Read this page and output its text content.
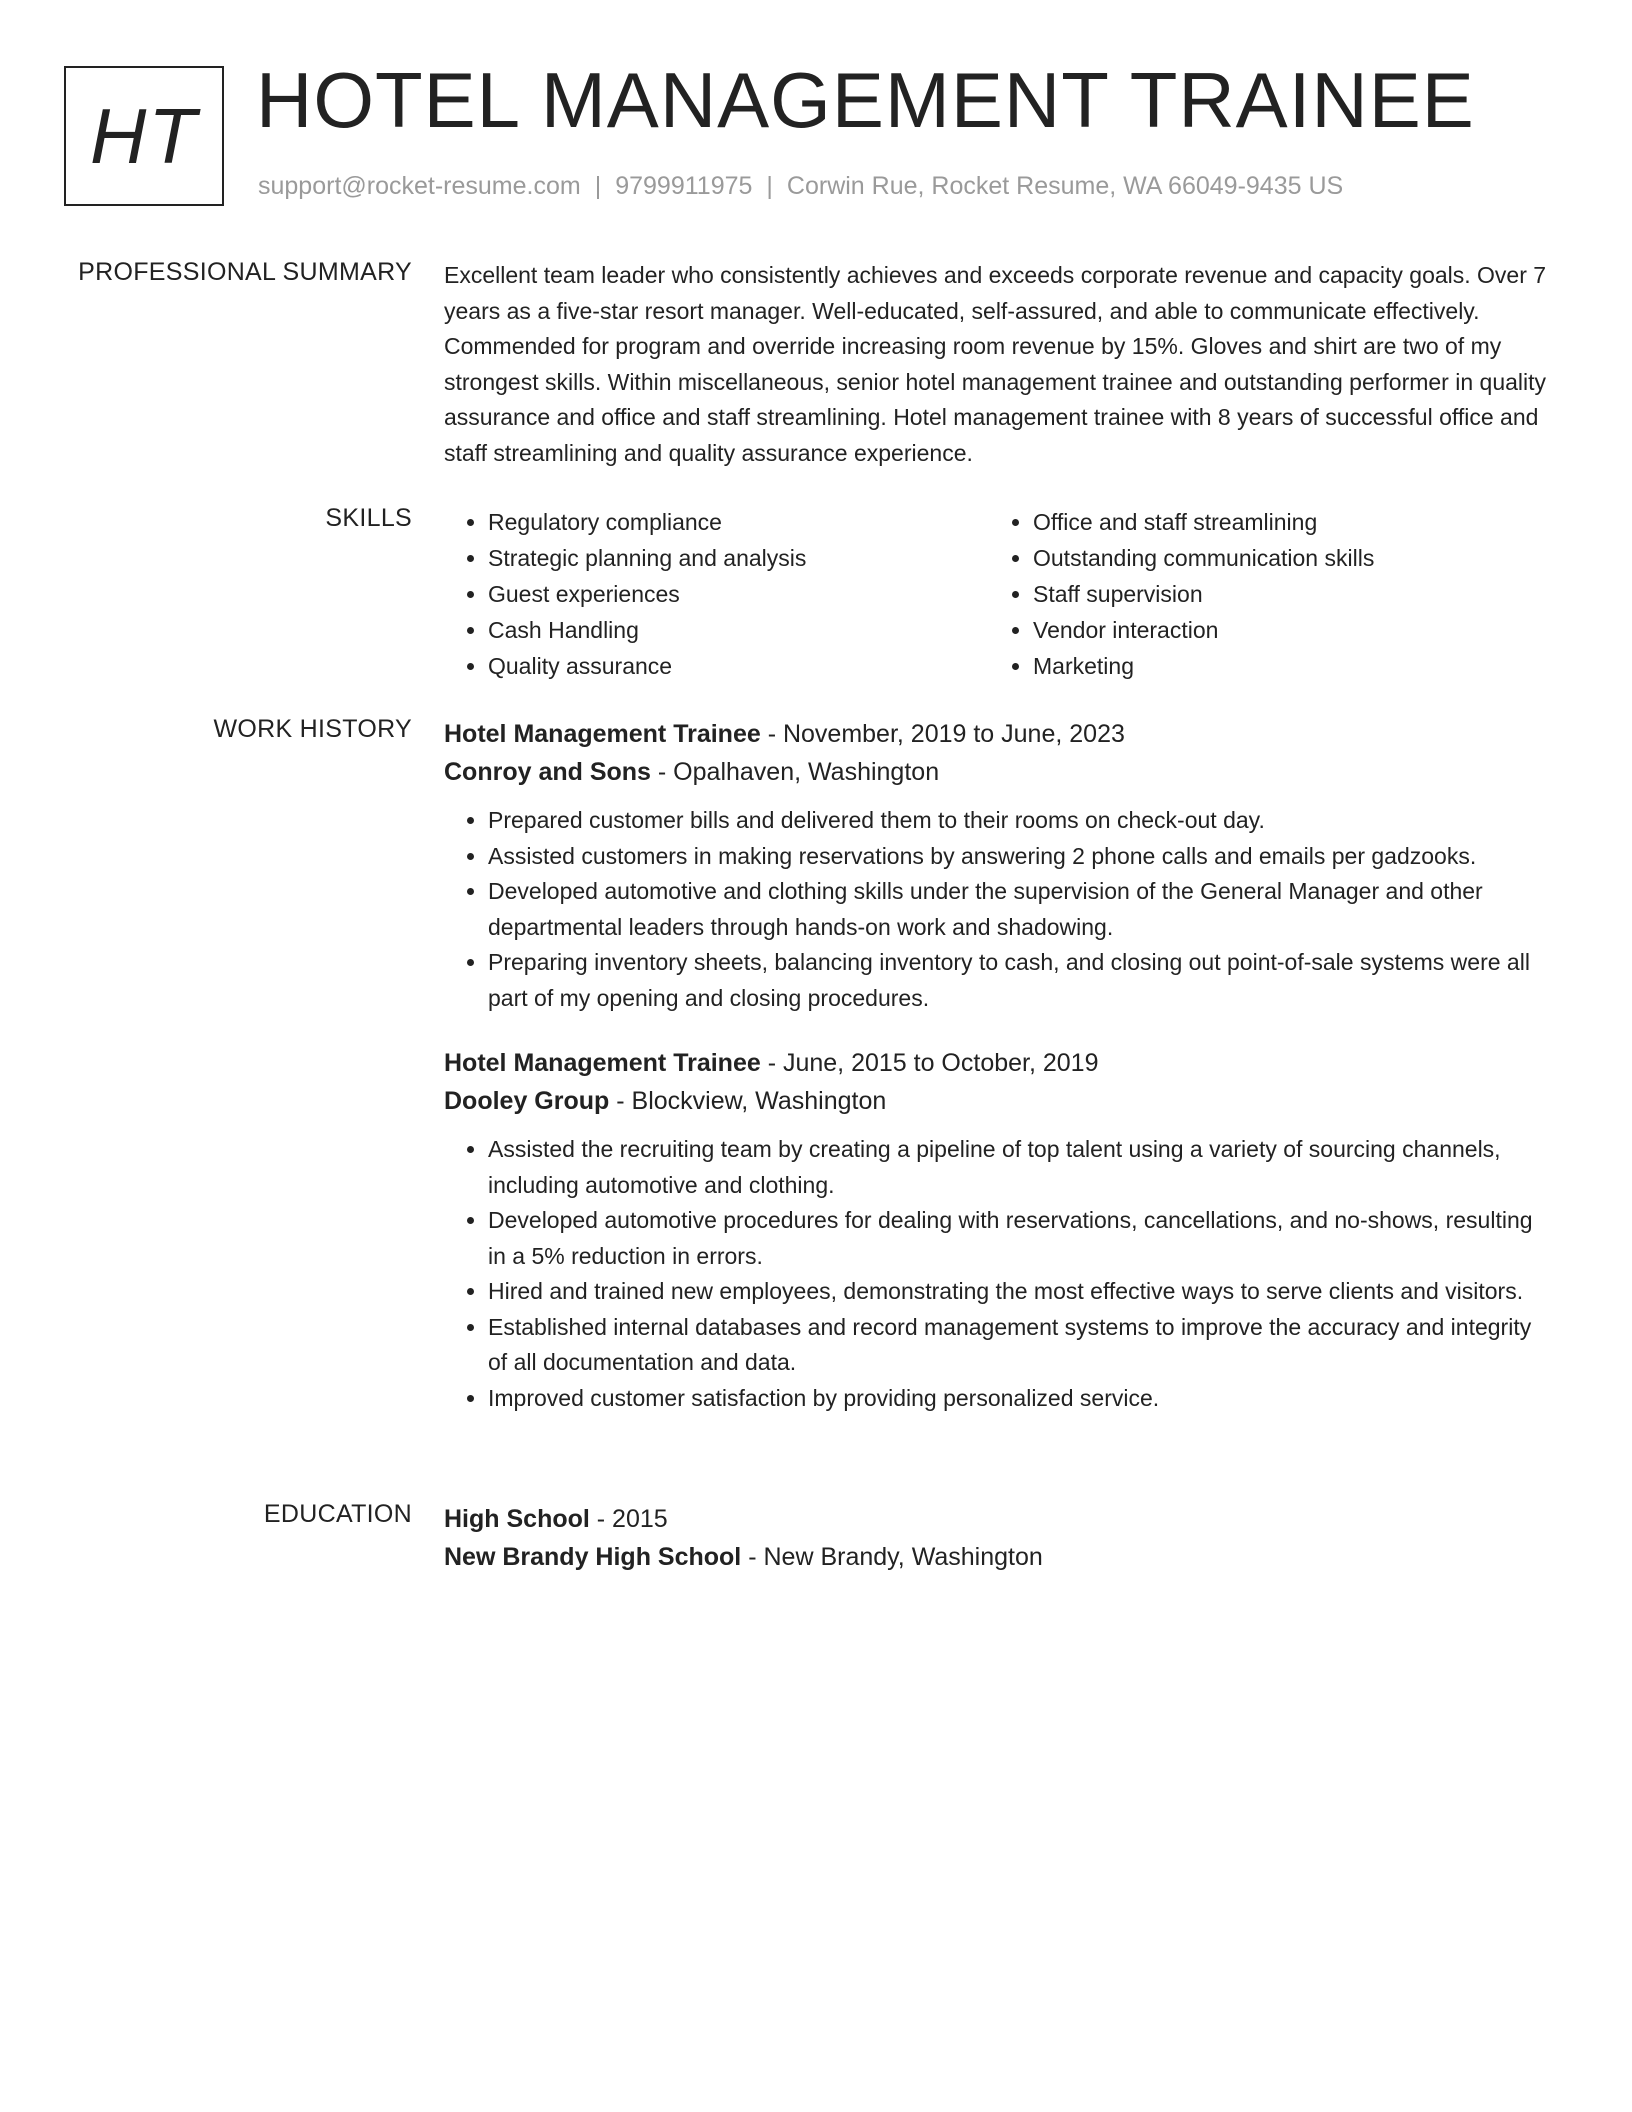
HT HOTEL MANAGEMENT TRAINEE
support@rocket-resume.com | 9799911975 | Corwin Rue, Rocket Resume, WA 66049-9435 US
PROFESSIONAL SUMMARY Excellent team leader who consistently achieves and exceeds corporate revenue and capacity goals. Over 7 years as a five-star resort manager. Well-educated, self-assured, and able to communicate effectively. Commended for program and override increasing room revenue by 15%. Gloves and shirt are two of my strongest skills. Within miscellaneous, senior hotel management trainee and outstanding performer in quality assurance and office and staff streamlining. Hotel management trainee with 8 years of successful office and staff streamlining and quality assurance experience.

SKILLS
•	Regulatory compliance
• Strategic planning and analysis
• Guest experiences
• Cash Handling
• Quality assurance
• Office and staff streamlining
• Outstanding communication skills
• Staff supervision
• Vendor interaction
• Marketing
WORK HISTORY Hotel Management Trainee - November, 2019 to June, 2023
Conroy and Sons - Opalhaven, Washington
• Prepared customer bills and delivered them to their rooms on check-out day.
• Assisted customers in making reservations by answering 2 phone calls and emails per gadzooks.
• Developed automotive and clothing skills under the supervision of the General Manager and other departmental leaders through hands-on work and shadowing.
• Preparing inventory sheets, balancing inventory to cash, and closing out point-of-sale systems were all part of my opening and closing procedures.
Hotel Management Trainee - June, 2015 to October, 2019
Dooley Group - Blockview, Washington
• Assisted the recruiting team by creating a pipeline of top talent using a variety of sourcing channels, including automotive and clothing.
• Developed automotive procedures for dealing with reservations, cancellations, and no-shows, resulting in a 5% reduction in errors.
• Hired and trained new employees, demonstrating the most effective ways to serve clients and visitors.
• Established internal databases and record management systems to improve the accuracy and integrity of all documentation and data.
• Improved customer satisfaction by providing personalized service.
EDUCATION High School - 2015
New Brandy High School - New Brandy, Washington
